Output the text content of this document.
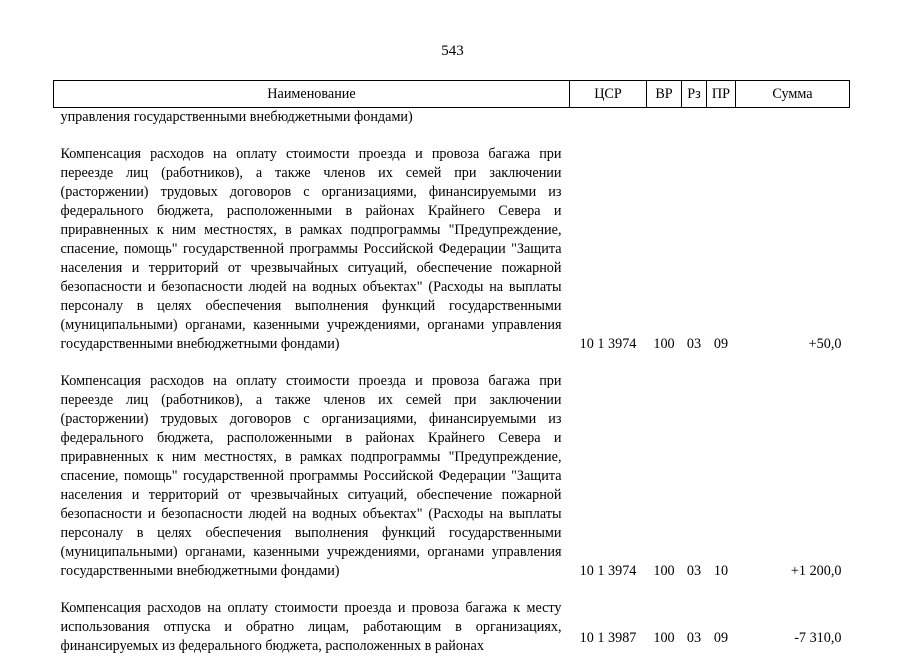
543
Наименование	ЦСР	ВР	Рз	ПР	Сумма
управления государственными внебюджетными фондами)					

Компенсация расходов на оплату стоимости проезда и провоза багажа при переезде лиц (работников), а также членов их семей при заключении (расторжении) трудовых договоров с организациями, финансируемыми из федерального бюджета, расположенными в районах Крайнего Севера и приравненных к ним местностях, в рамках подпрограммы "Предупреждение, спасение, помощь" государственной программы Российской Федерации "Защита населения и территорий от чрезвычайных ситуаций, обеспечение пожарной безопасности и безопасности людей на водных объектах" (Расходы на выплаты персоналу в целях обеспечения выполнения функций государственными (муниципальными) органами, казенными учреждениями, органами управления государственными внебюджетными фондами)	10 1 3974	100	03	09	+50,0

Компенсация расходов на оплату стоимости проезда и провоза багажа при переезде лиц (работников), а также членов их семей при заключении (расторжении) трудовых договоров с организациями, финансируемыми из федерального бюджета, расположенными в районах Крайнего Севера и приравненных к ним местностях, в рамках подпрограммы "Предупреждение, спасение, помощь" государственной программы Российской Федерации "Защита населения и территорий от чрезвычайных ситуаций, обеспечение пожарной безопасности и безопасности людей на водных объектах" (Расходы на выплаты персоналу в целях обеспечения выполнения функций государственными (муниципальными) органами, казенными учреждениями, органами управления государственными внебюджетными фондами)	10 1 3974	100	03	10	+1 200,0

Компенсация расходов на оплату стоимости проезда и провоза багажа к месту использования отпуска и обратно лицам, работающим в организациях, финансируемых из федерального бюджета, расположенных в районах	10 1 3987	100	03	09	-7 310,0
